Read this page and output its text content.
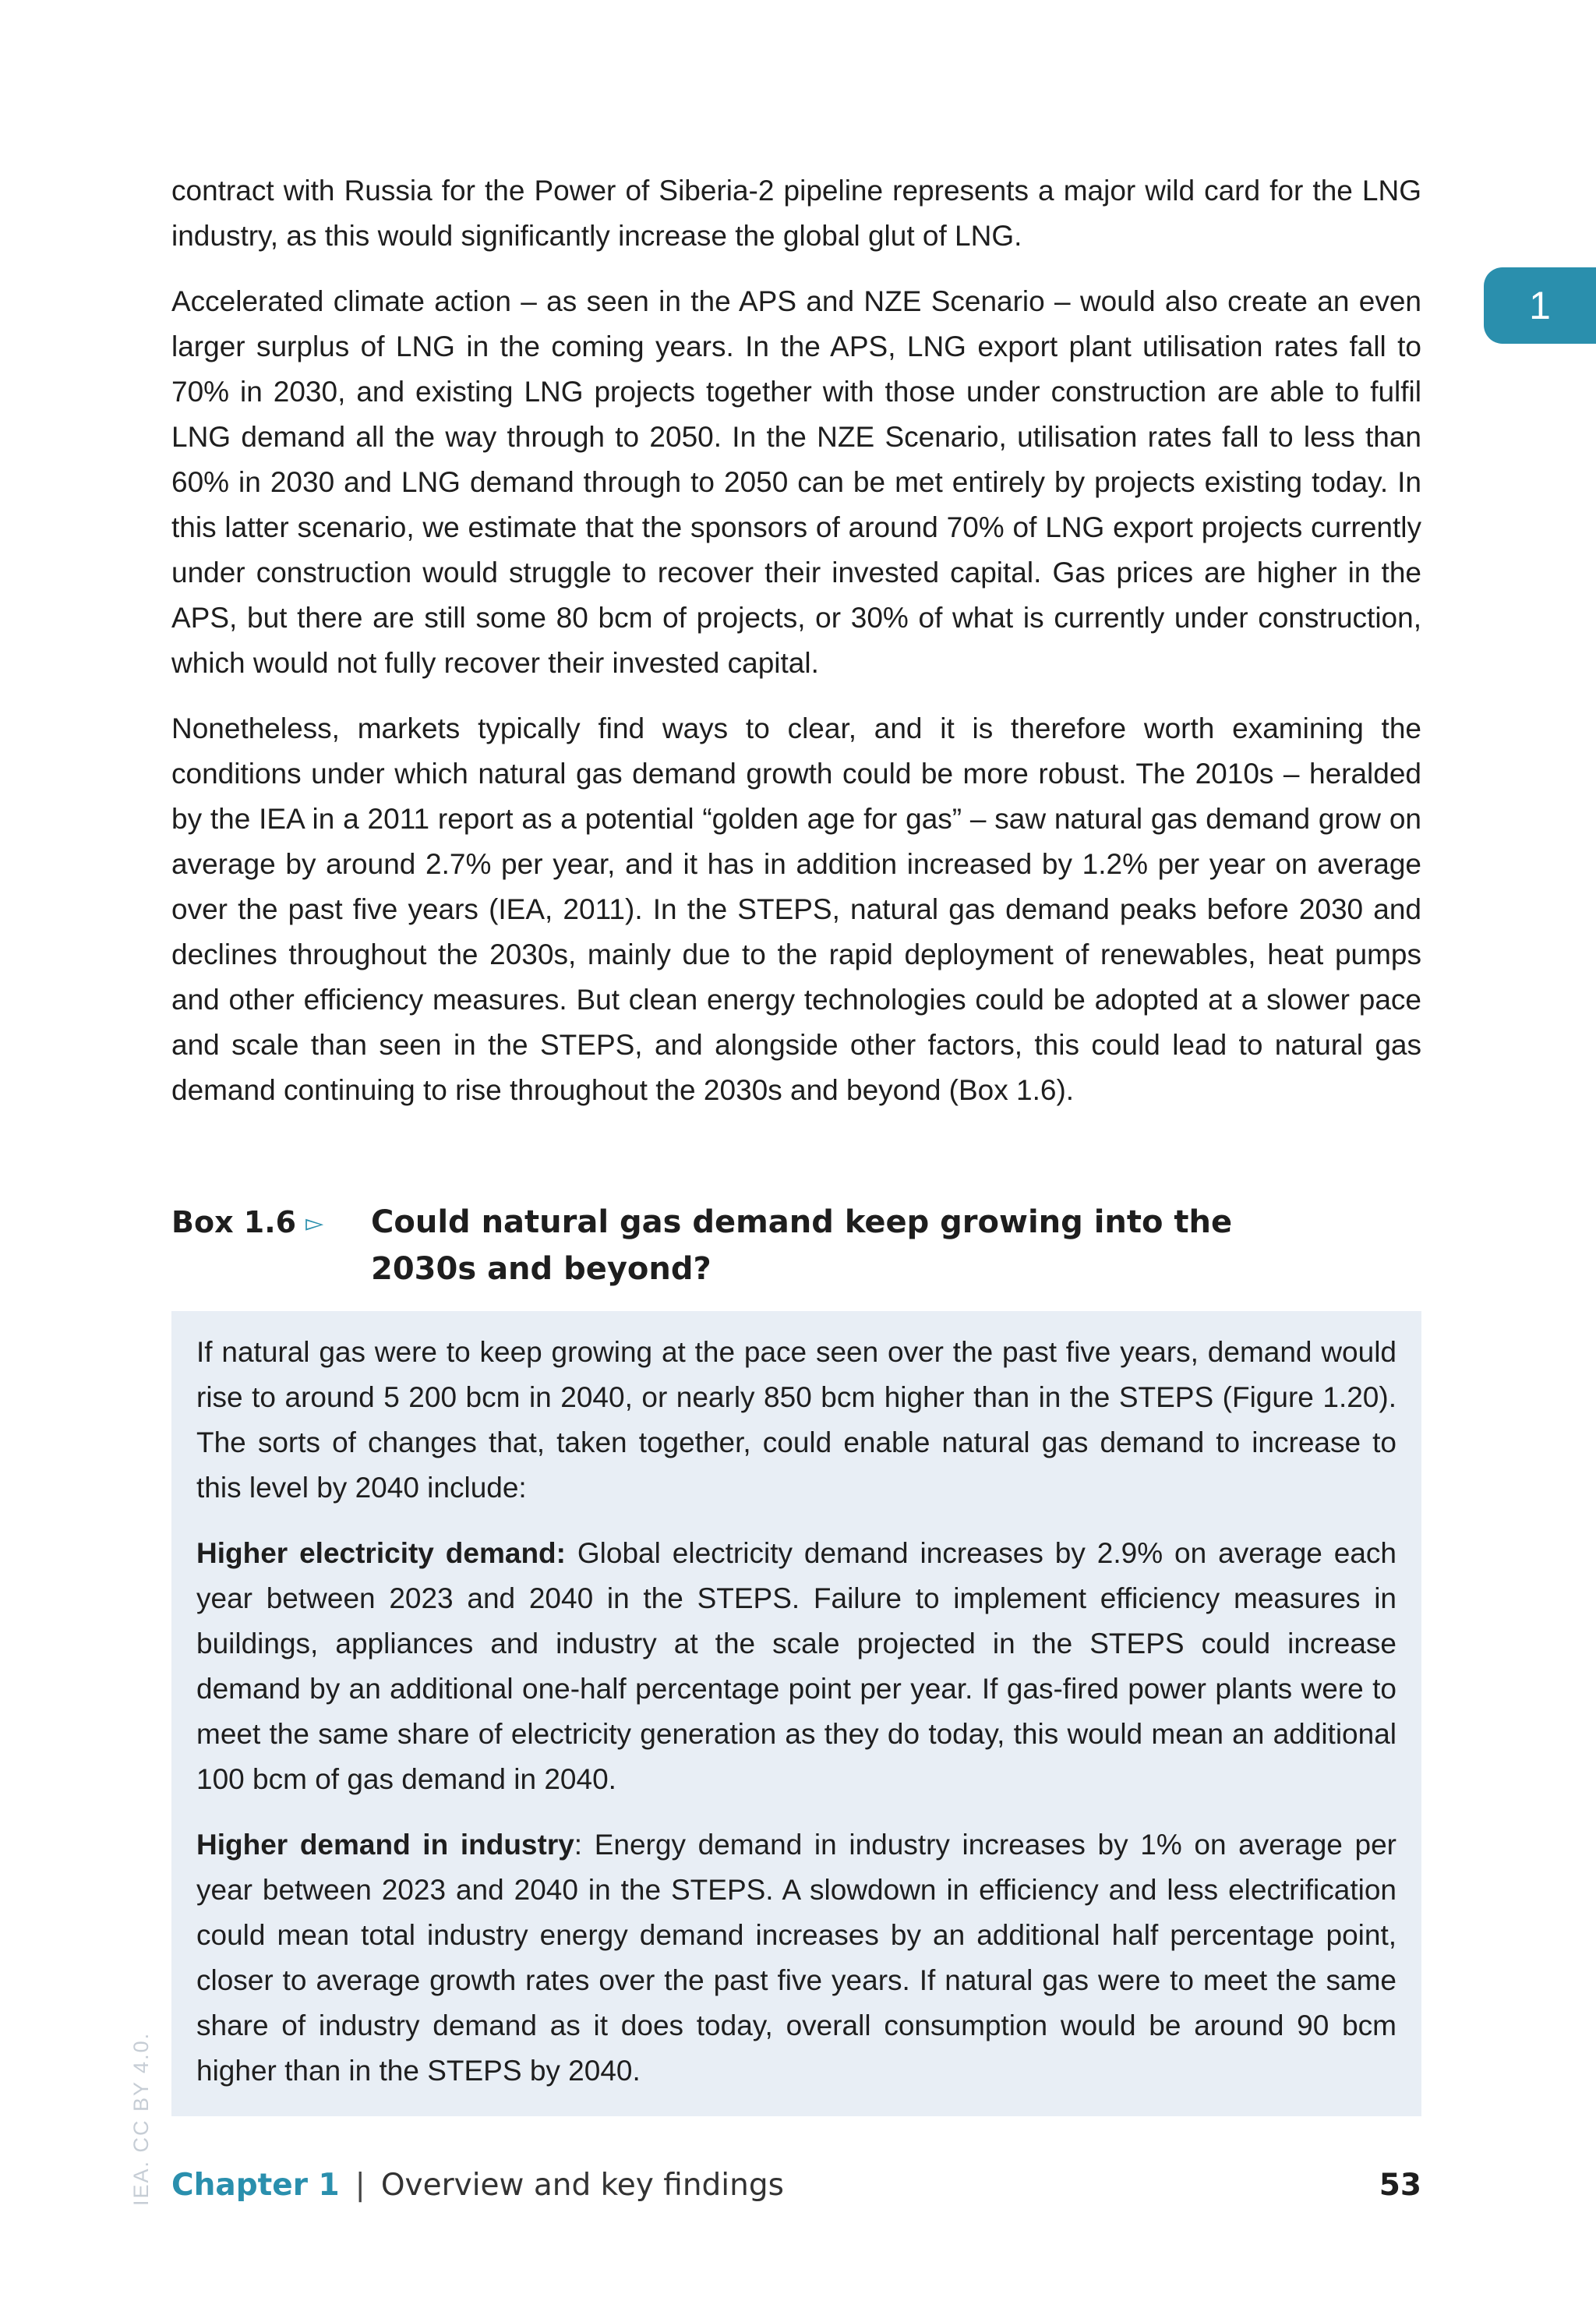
1

contract with Russia for the Power of Siberia-2 pipeline represents a major wild card for the LNG industry, as this would significantly increase the global glut of LNG.

Accelerated climate action – as seen in the APS and NZE Scenario – would also create an even larger surplus of LNG in the coming years. In the APS, LNG export plant utilisation rates fall to 70% in 2030, and existing LNG projects together with those under construction are able to fulfil LNG demand all the way through to 2050. In the NZE Scenario, utilisation rates fall to less than 60% in 2030 and LNG demand through to 2050 can be met entirely by projects existing today. In this latter scenario, we estimate that the sponsors of around 70% of LNG export projects currently under construction would struggle to recover their invested capital. Gas prices are higher in the APS, but there are still some 80 bcm of projects, or 30% of what is currently under construction, which would not fully recover their invested capital.

Nonetheless, markets typically find ways to clear, and it is therefore worth examining the conditions under which natural gas demand growth could be more robust. The 2010s – heralded by the IEA in a 2011 report as a potential “golden age for gas” – saw natural gas demand grow on average by around 2.7% per year, and it has in addition increased by 1.2% per year on average over the past five years (IEA, 2011). In the STEPS, natural gas demand peaks before 2030 and declines throughout the 2030s, mainly due to the rapid deployment of renewables, heat pumps and other efficiency measures. But clean energy technologies could be adopted at a slower pace and scale than seen in the STEPS, and alongside other factors, this could lead to natural gas demand continuing to rise throughout the 2030s and beyond (Box 1.6).

Box 1.6 ▻ Could natural gas demand keep growing into the 2030s and beyond?

If natural gas were to keep growing at the pace seen over the past five years, demand would rise to around 5 200 bcm in 2040, or nearly 850 bcm higher than in the STEPS (Figure 1.20). The sorts of changes that, taken together, could enable natural gas demand to increase to this level by 2040 include:

Higher electricity demand: Global electricity demand increases by 2.9% on average each year between 2023 and 2040 in the STEPS. Failure to implement efficiency measures in buildings, appliances and industry at the scale projected in the STEPS could increase demand by an additional one-half percentage point per year. If gas-fired power plants were to meet the same share of electricity generation as they do today, this would mean an additional 100 bcm of gas demand in 2040.

Higher demand in industry: Energy demand in industry increases by 1% on average per year between 2023 and 2040 in the STEPS. A slowdown in efficiency and less electrification could mean total industry energy demand increases by an additional half percentage point, closer to average growth rates over the past five years. If natural gas were to meet the same share of industry demand as it does today, overall consumption would be around 90 bcm higher than in the STEPS by 2040.

IEA. CC BY 4.0. Chapter 1 | Overview and key findings	53
